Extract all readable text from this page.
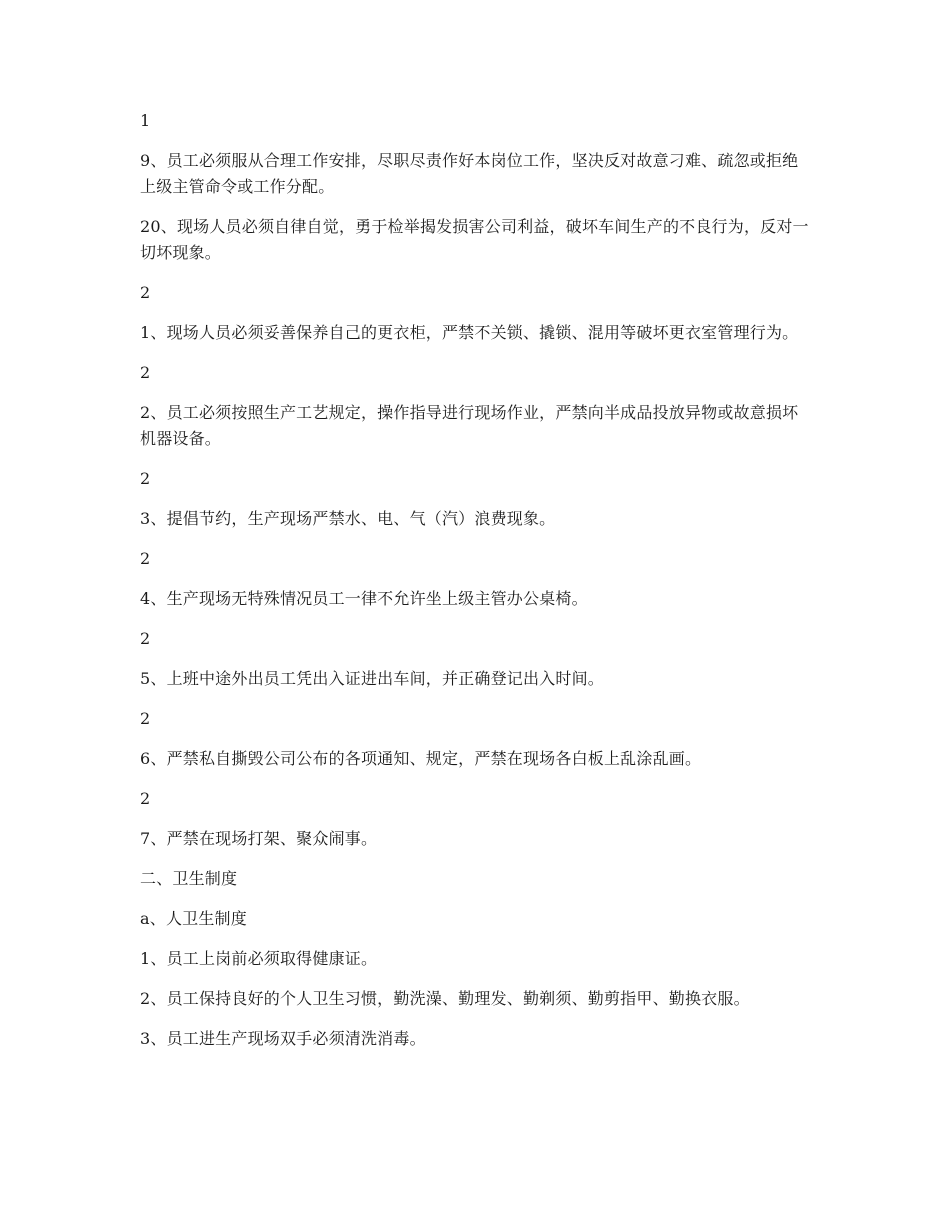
1

9、员工必须服从合理工作安排，尽职尽责作好本岗位工作，坚决反对故意刁难、疏忽或拒绝上级主管命令或工作分配。

20、现场人员必须自律自觉，勇于检举揭发损害公司利益，破坏车间生产的不良行为，反对一切坏现象。

2

1、现场人员必须妥善保养自己的更衣柜，严禁不关锁、撬锁、混用等破坏更衣室管理行为。

2

2、员工必须按照生产工艺规定，操作指导进行现场作业，严禁向半成品投放异物或故意损坏机器设备。

2

3、提倡节约，生产现场严禁水、电、气（汽）浪费现象。

2

4、生产现场无特殊情况员工一律不允许坐上级主管办公桌椅。

2

5、上班中途外出员工凭出入证进出车间，并正确登记出入时间。

2

6、严禁私自撕毁公司公布的各项通知、规定，严禁在现场各白板上乱涂乱画。

2

7、严禁在现场打架、聚众闹事。

二、卫生制度

a、人卫生制度

1、员工上岗前必须取得健康证。

2、员工保持良好的个人卫生习惯，勤洗澡、勤理发、勤剃须、勤剪指甲、勤换衣服。

3、员工进生产现场双手必须清洗消毒。
